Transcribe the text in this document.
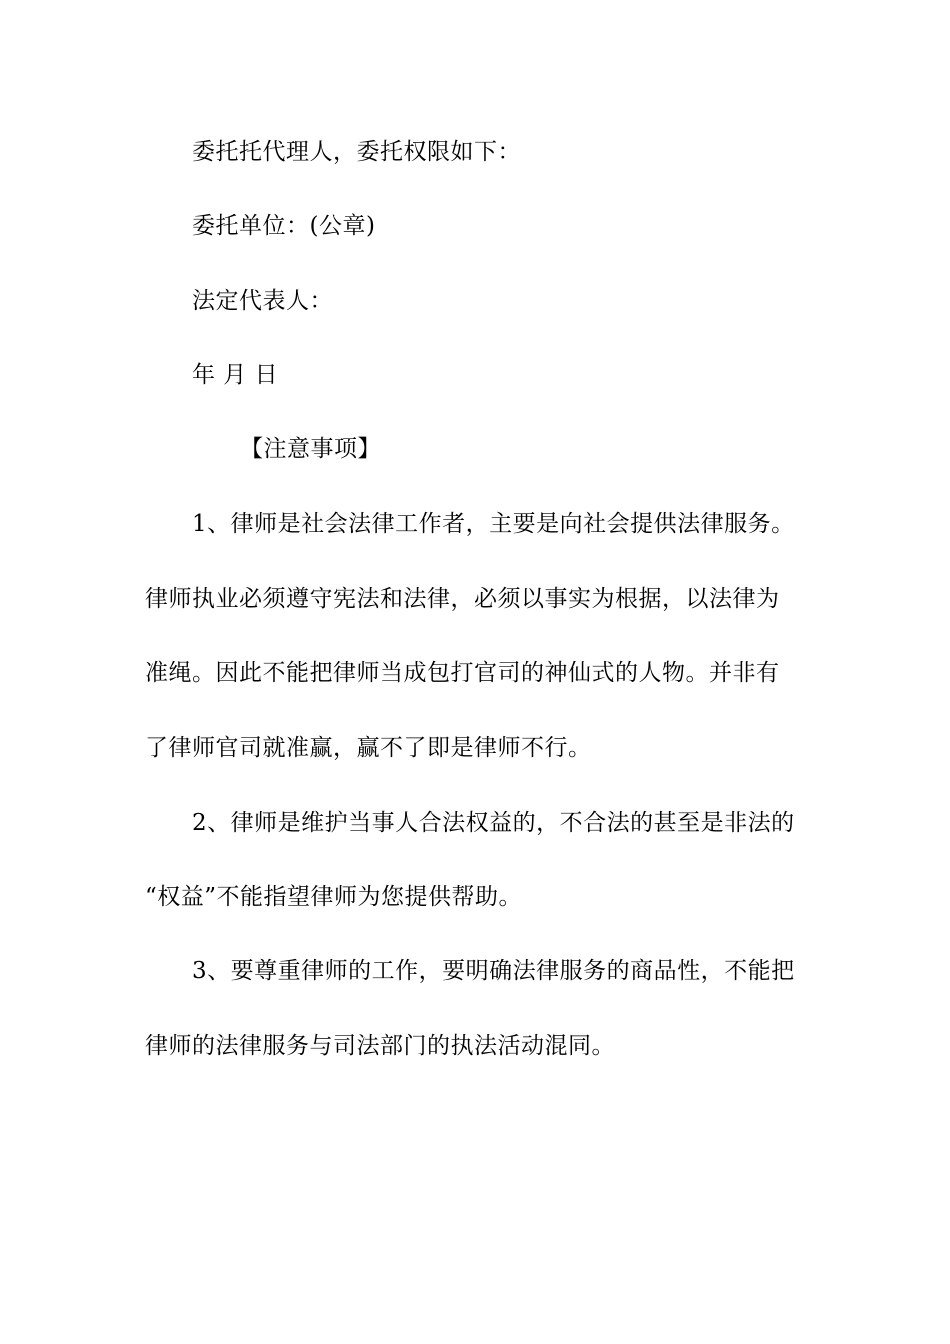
委托托代理人，委托权限如下：
委托单位：(公章)
法定代表人：
年 月 日
【注意事项】
1、律师是社会法律工作者，主要是向社会提供法律服务。
律师执业必须遵守宪法和法律，必须以事实为根据，以法律为
准绳。因此不能把律师当成包打官司的神仙式的人物。并非有
了律师官司就准赢，赢不了即是律师不行。
2、律师是维护当事人合法权益的，不合法的甚至是非法的
“权益”不能指望律师为您提供帮助。
3、要尊重律师的工作，要明确法律服务的商品性，不能把
律师的法律服务与司法部门的执法活动混同。
